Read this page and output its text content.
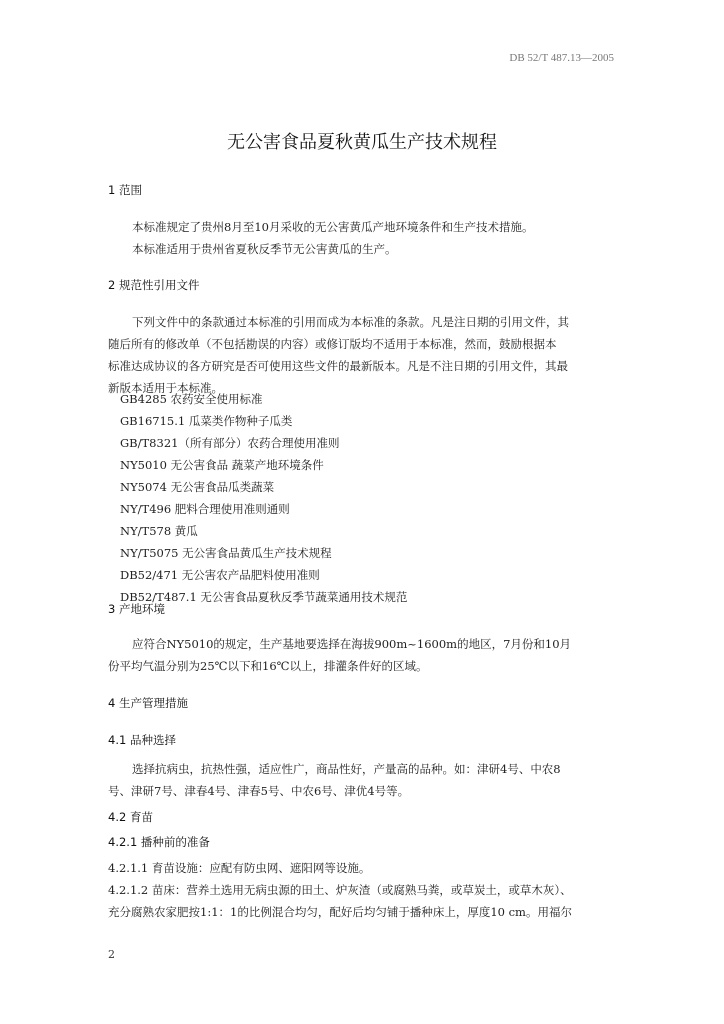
DB 52/T 487.13—2005
无公害食品夏秋黄瓜生产技术规程
1 范围
本标准规定了贵州8月至10月采收的无公害黄瓜产地环境条件和生产技术措施。
本标准适用于贵州省夏秋反季节无公害黄瓜的生产。
2 规范性引用文件
下列文件中的条款通过本标准的引用而成为本标准的条款。凡是注日期的引用文件，其
随后所有的修改单（不包括勘误的内容）或修订版均不适用于本标准，然而，鼓励根据本
标准达成协议的各方研究是否可使用这些文件的最新版本。凡是不注日期的引用文件，其最
新版本适用于本标准。
GB4285 农药安全使用标准
GB16715.1 瓜菜类作物种子瓜类
GB/T8321（所有部分）农药合理使用准则
NY5010 无公害食品 蔬菜产地环境条件
NY5074 无公害食品瓜类蔬菜
NY/T496 肥料合理使用准则通则
NY/T578 黄瓜
NY/T5075 无公害食品黄瓜生产技术规程
DB52/471 无公害农产品肥料使用准则
DB52/T487.1 无公害食品夏秋反季节蔬菜通用技术规范
3 产地环境
应符合NY5010的规定，生产基地要选择在海拔900m~1600m的地区，7月份和10月
份平均气温分别为25℃以下和16℃以上，排灌条件好的区域。
4 生产管理措施
4.1 品种选择
选择抗病虫，抗热性强，适应性广，商品性好，产量高的品种。如：津研4号、中农8
号、津研7号、津春4号、津春5号、中农6号、津优4号等。
4.2 育苗
4.2.1 播种前的准备
4.2.1.1 育苗设施：应配有防虫网、遮阳网等设施。
4.2.1.2 苗床：营养土选用无病虫源的田土、炉灰渣（或腐熟马粪，或草炭土，或草木灰）、
充分腐熟农家肥按1:1：1的比例混合均匀，配好后均匀铺于播种床上，厚度10 cm。用福尔
2
